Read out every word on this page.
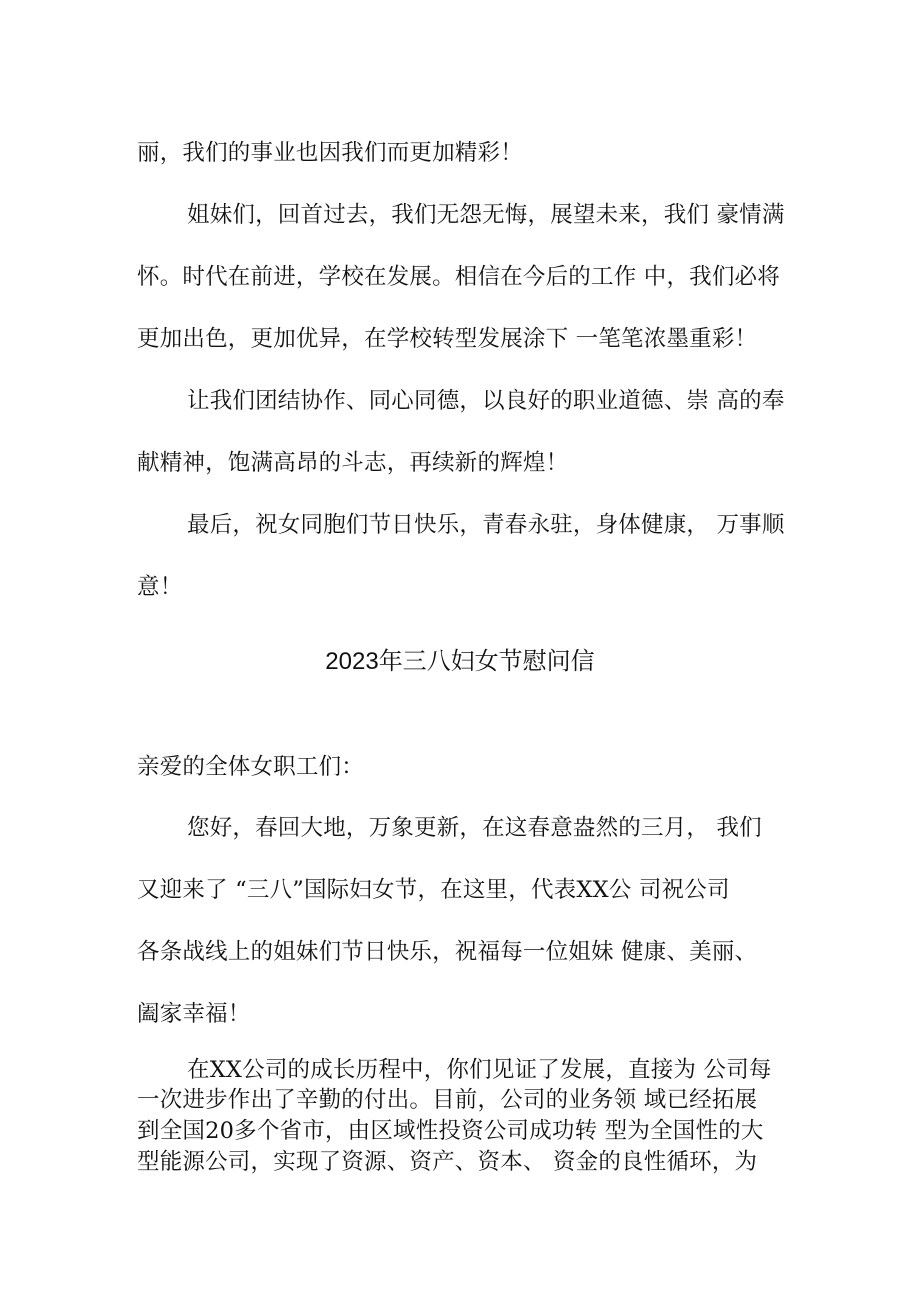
丽，我们的事业也因我们而更加精彩！
姐妹们，回首过去，我们无怨无悔，展望未来，我们 豪情满
怀。时代在前进，学校在发展。相信在今后的工作 中，我们必将
更加出色，更加优异，在学校转型发展涂下 一笔笔浓墨重彩！
让我们团结协作、同心同德，以良好的职业道德、崇 高的奉
献精神，饱满高昂的斗志，再续新的辉煌！
最后，祝女同胞们节日快乐，青春永驻，身体健康， 万事顺
意！
2023年三八妇女节慰问信
亲爱的全体女职工们：
您好，春回大地，万象更新，在这春意盎然的三月， 我们
又迎来了 “三八”国际妇女节，在这里，代表XX公 司祝公司
各条战线上的姐妹们节日快乐，祝福每一位姐妹 健康、美丽、
阖家幸福！
在XX公司的成长历程中，你们见证了发展，直接为 公司每
一次进步作出了辛勤的付出。目前，公司的业务领 域已经拓展
到全国20多个省市，由区域性投资公司成功转 型为全国性的大
型能源公司，实现了资源、资产、资本、 资金的良性循环，为
